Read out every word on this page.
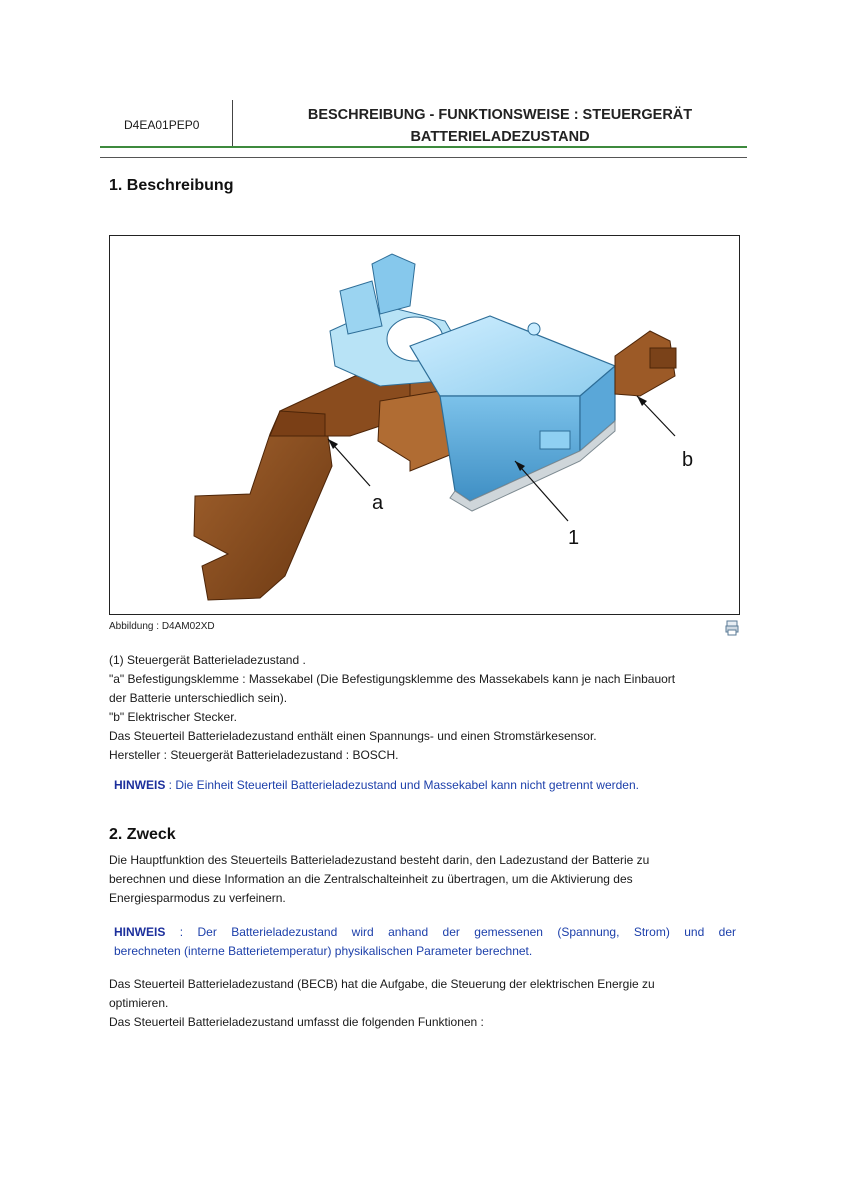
D4EA01PEP0
BESCHREIBUNG - FUNKTIONSWEISE : STEUERGERÄT
BATTERIELADEZUSTAND
1. Beschreibung
a
b
1
Abbildung : D4AM02XD

(1) Steuergerät Batterieladezustand .

"a" Befestigungsklemme : Massekabel (Die Befestigungsklemme des Massekabels kann je nach Einbauort

der Batterie unterschiedlich sein).

"b" Elektrischer Stecker.

Das Steuerteil Batterieladezustand enthält einen Spannungs- und einen Stromstärkesensor.

Hersteller : Steuergerät Batterieladezustand : BOSCH.

HINWEIS : Die Einheit Steuerteil Batterieladezustand und Massekabel kann nicht getrennt werden.

2. Zweck

Die Hauptfunktion des Steuerteils Batterieladezustand besteht darin, den Ladezustand der Batterie zu

berechnen und diese Information an die Zentralschalteinheit zu übertragen, um die Aktivierung des

Energiesparmodus zu verfeinern.

HINWEIS : Der Batterieladezustand wird anhand der gemessenen (Spannung, Strom) und der

berechneten (interne Batterietemperatur) physikalischen Parameter berechnet.

Das Steuerteil Batterieladezustand (BECB) hat die Aufgabe, die Steuerung der elektrischen Energie zu

optimieren.

Das Steuerteil Batterieladezustand umfasst die folgenden Funktionen :
